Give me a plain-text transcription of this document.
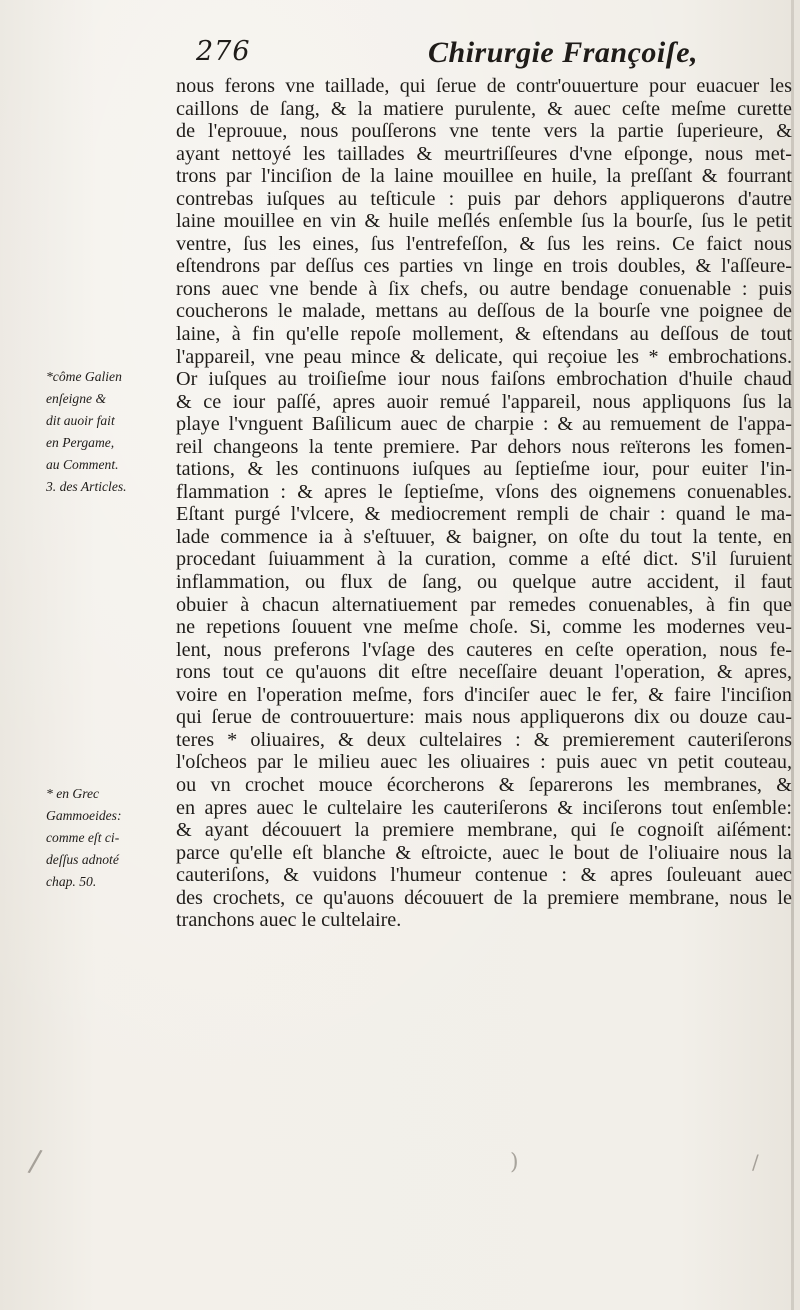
276	Chirurgie Françoiſe,
nous ferons vne taillade, qui ſerue de contr'ouuerture pour euacuer les
caillons de ſang, & la matiere purulente, & auec ceſte meſme curette
de l'eprouue, nous pouſſerons vne tente vers la partie ſuperieure, &
ayant nettoyé les taillades & meurtriſſeures d'vne eſponge, nous met-
trons par l'inciſion de la laine mouillee en huile, la preſſant & fourrant
contrebas iuſques au teſticule : puis par dehors appliquerons d'autre
laine mouillee en vin & huile meſlés enſemble ſus la bourſe, ſus le petit
ventre, ſus les eines, ſus l'entrefeſſon, & ſus les reins. Ce faict nous
eſtendrons par deſſus ces parties vn linge en trois doubles, & l'aſſeure-
rons auec vne bende à ſix chefs, ou autre bendage conuenable : puis
coucherons le malade, mettans au deſſous de la bourſe vne poignee de
laine, à fin qu'elle repoſe mollement, & eſtendans au deſſous de tout
l'appareil, vne peau mince & delicate, qui reçoiue les * embrochations.
Or iuſques au troiſieſme iour nous faiſons embrochation d'huile chaud
& ce iour paſſé, apres auoir remué l'appareil, nous appliquons ſus la
playe l'vnguent Baſilicum auec de charpie : & au remuement de l'appa-
reil changeons la tente premiere. Par dehors nous reïterons les fomen-
tations, & les continuons iuſques au ſeptieſme iour, pour euiter l'in-
flammation : & apres le ſeptieſme, vſons des oignemens conuenables.
Eſtant purgé l'vlcere, & mediocrement rempli de chair : quand le ma-
lade commence ia à s'eſtuuer, & baigner, on oſte du tout la tente, en
procedant ſuiuamment à la curation, comme a eſté dict. S'il ſuruient
inflammation, ou flux de ſang, ou quelque autre accident, il faut
obuier à chacun alternatiuement par remedes conuenables, à fin que
ne repetions ſouuent vne meſme choſe. Si, comme les modernes veu-
lent, nous preferons l'vſage des cauteres en ceſte operation, nous fe-
rons tout ce qu'auons dit eſtre neceſſaire deuant l'operation, & apres,
voire en l'operation meſme, fors d'inciſer auec le fer, & faire l'inciſion
qui ſerue de controuuerture: mais nous appliquerons dix ou douze cau-
teres * oliuaires, & deux cultelaires : & premierement cauteriſerons
l'oſcheos par le milieu auec les oliuaires : puis auec vn petit couteau,
ou vn crochet mouce écorcherons & ſeparerons les membranes, &
en apres auec le cultelaire les cauteriſerons & inciſerons tout enſemble:
& ayant découuert la premiere membrane, qui ſe cognoiſt aiſément:
parce qu'elle eſt blanche & eſtroicte, auec le bout de l'oliuaire nous la
cauteriſons, & vuidons l'humeur contenue : & apres ſouleuant auec
des crochets, ce qu'auons découuert de la premiere membrane, nous le
tranchons auec le cultelaire.
*côme Galien
enſeigne &
dit auoir fait
en Pergame,
au Comment.
3. des Articles.
* en Grec
Gammoeides:
comme eſt ci-
deſſus adnoté
chap. 50.
/	)	/
